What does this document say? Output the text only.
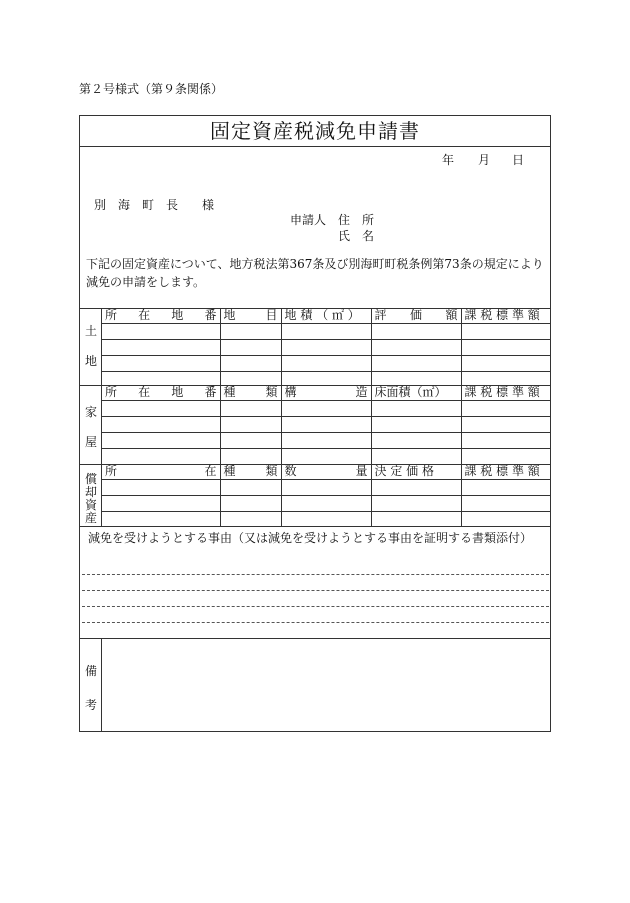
第２号様式（第９条関係）
固定資産税減免申請書
年 月 日
別　海　町　長　　様
申請人 住　所
氏　名
下記の固定資産について、地方税法第367条及び別海町町税条例第73条の規定により減免の申請をします。
土
地
所　在　地　番	地　目	地 積 （ ㎡ ）	評　価　額	課 税 標 準 額

家
屋
所　在　地　番	種　類	構　　造	床面積（㎡）	課 税 標 準 額

償
却
資
産
所　　在	種　類	数　　量	決 定 価 格	課 税 標 準 額

減免を受けようとする事由（又は減免を受けようとする事由を証明する書類添付）
備
考
